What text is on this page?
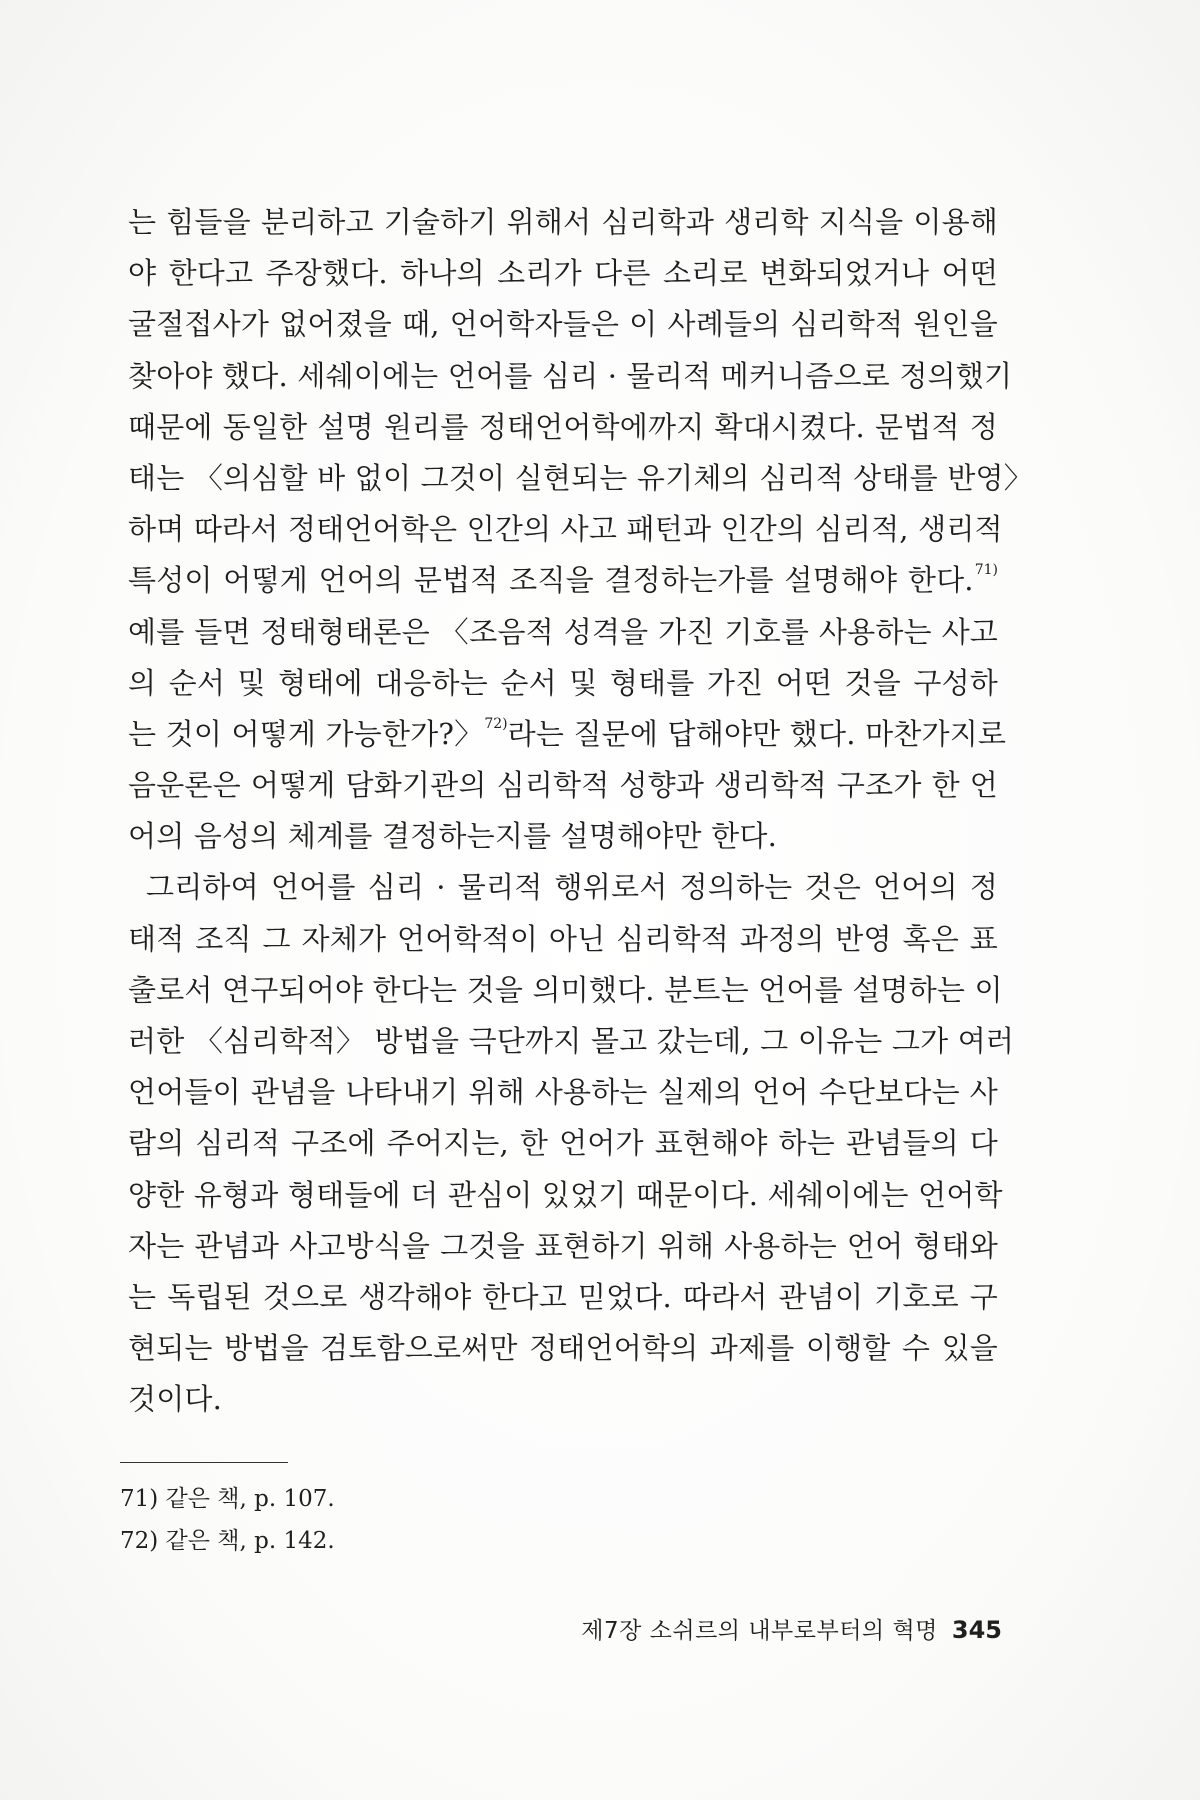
는 힘들을 분리하고 기술하기 위해서 심리학과 생리학 지식을 이용해
야 한다고 주장했다. 하나의 소리가 다른 소리로 변화되었거나 어떤
굴절접사가 없어졌을 때, 언어학자들은 이 사례들의 심리학적 원인을
찾아야 했다. 세쉐이에는 언어를 심리 · 물리적 메커니즘으로 정의했기
때문에 동일한 설명 원리를 정태언어학에까지 확대시켰다. 문법적 정
태는 〈의심할 바 없이 그것이 실현되는 유기체의 심리적 상태를 반영〉
하며 따라서 정태언어학은 인간의 사고 패턴과 인간의 심리적, 생리적
특성이 어떻게 언어의 문법적 조직을 결정하는가를 설명해야 한다.$^{71)}$
예를 들면 정태형태론은 〈조음적 성격을 가진 기호를 사용하는 사고
의 순서 및 형태에 대응하는 순서 및 형태를 가진 어떤 것을 구성하
는 것이 어떻게 가능한가?〉$^{72)}$라는 질문에 답해야만 했다. 마찬가지로
음운론은 어떻게 담화기관의 심리학적 성향과 생리학적 구조가 한 언
어의 음성의 체계를 결정하는지를 설명해야만 한다.
그리하여 언어를 심리 · 물리적 행위로서 정의하는 것은 언어의 정
태적 조직 그 자체가 언어학적이 아닌 심리학적 과정의 반영 혹은 표
출로서 연구되어야 한다는 것을 의미했다. 분트는 언어를 설명하는 이
러한 〈심리학적〉 방법을 극단까지 몰고 갔는데, 그 이유는 그가 여러
언어들이 관념을 나타내기 위해 사용하는 실제의 언어 수단보다는 사
람의 심리적 구조에 주어지는, 한 언어가 표현해야 하는 관념들의 다
양한 유형과 형태들에 더 관심이 있었기 때문이다. 세쉐이에는 언어학
자는 관념과 사고방식을 그것을 표현하기 위해 사용하는 언어 형태와
는 독립된 것으로 생각해야 한다고 믿었다. 따라서 관념이 기호로 구
현되는 방법을 검토함으로써만 정태언어학의 과제를 이행할 수 있을
것이다.
71) 같은 책, p. 107.
72) 같은 책, p. 142.
제7장 소쉬르의 내부로부터의 혁명 345
